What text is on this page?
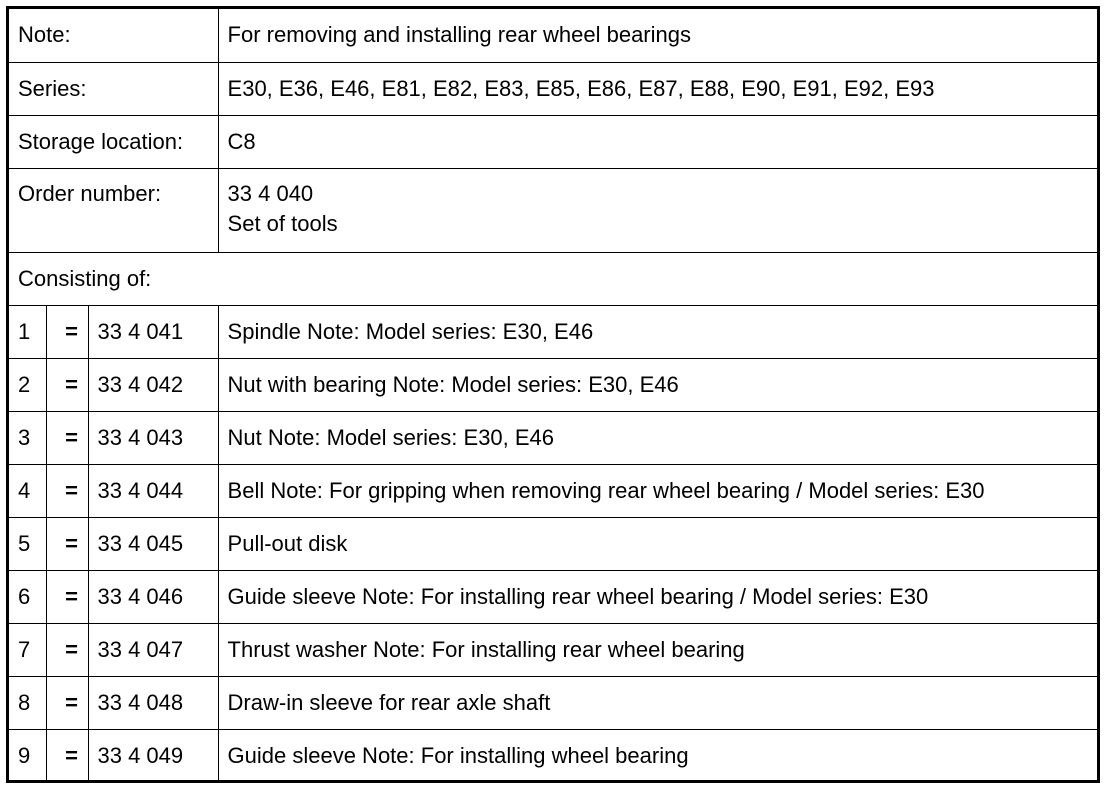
Note:			For removing and installing rear wheel bearings
Series:			E30, E36, E46, E81, E82, E83, E85, E86, E87, E88, E90, E91, E92, E93
Storage location:			C8
Order number:			33 4 040
Set of tools

Consisting of:			
1	=	33 4 041	Spindle Note: Model series: E30, E46
2	=	33 4 042	Nut with bearing Note: Model series: E30, E46
3	=	33 4 043	Nut Note: Model series: E30, E46
4	=	33 4 044	Bell Note: For gripping when removing rear wheel bearing / Model series: E30
5	=	33 4 045	Pull-out disk
6	=	33 4 046	Guide sleeve Note: For installing rear wheel bearing / Model series: E30
7	=	33 4 047	Thrust washer Note: For installing rear wheel bearing
8	=	33 4 048	Draw-in sleeve for rear axle shaft
9	=	33 4 049	Guide sleeve Note: For installing wheel bearing
